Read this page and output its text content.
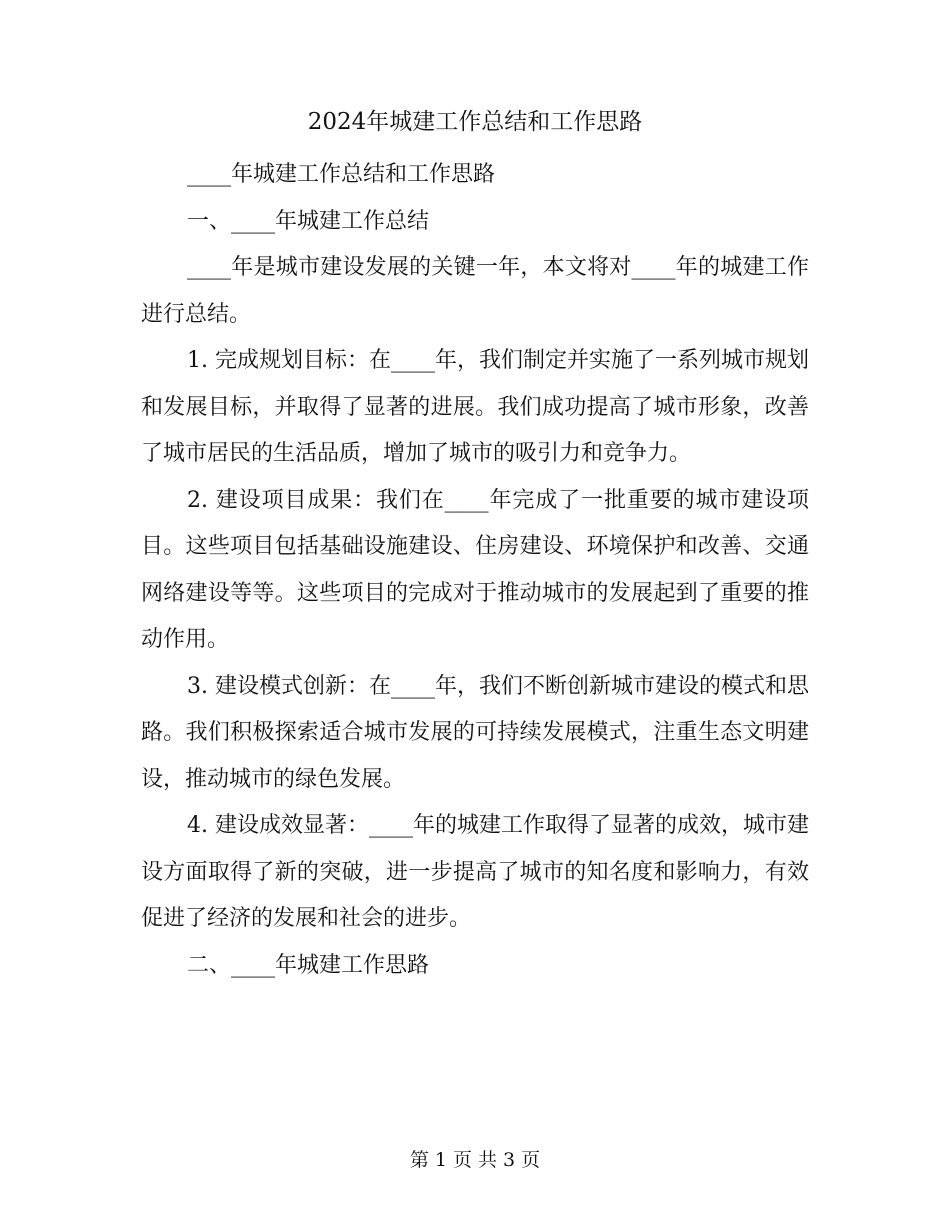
2024年城建工作总结和工作思路

____年城建工作总结和工作思路

一、____年城建工作总结

____年是城市建设发展的关键一年，本文将对____年的城建工作进行总结。

1. 完成规划目标：在____年，我们制定并实施了一系列城市规划和发展目标，并取得了显著的进展。我们成功提高了城市形象，改善了城市居民的生活品质，增加了城市的吸引力和竞争力。

2. 建设项目成果：我们在____年完成了一批重要的城市建设项目。这些项目包括基础设施建设、住房建设、环境保护和改善、交通网络建设等等。这些项目的完成对于推动城市的发展起到了重要的推动作用。

3. 建设模式创新：在____年，我们不断创新城市建设的模式和思路。我们积极探索适合城市发展的可持续发展模式，注重生态文明建设，推动城市的绿色发展。

4. 建设成效显著：____年的城建工作取得了显著的成效，城市建设方面取得了新的突破，进一步提高了城市的知名度和影响力，有效促进了经济的发展和社会的进步。

二、____年城建工作思路

第 1 页 共 3 页
